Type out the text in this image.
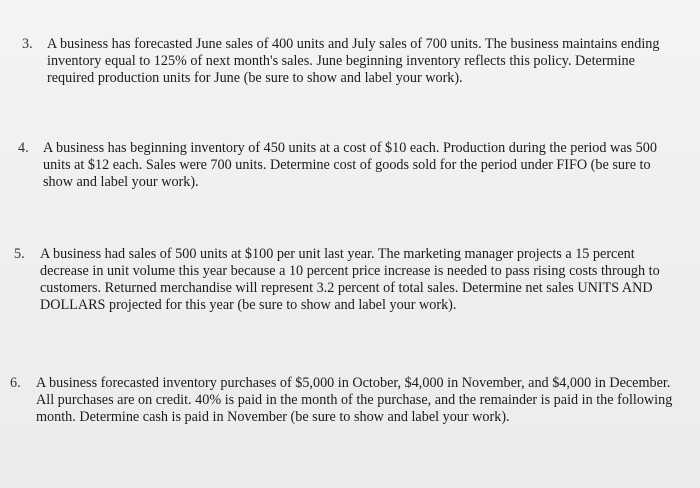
3.	A business has forecasted June sales of 400 units and July sales of 700 units. The business maintains ending inventory equal to 125% of next month's sales. June beginning inventory reflects this policy. Determine required production units for June (be sure to show and label your work).

4.	A business has beginning inventory of 450 units at a cost of $10 each. Production during the period was 500 units at $12 each. Sales were 700 units. Determine cost of goods sold for the period under FIFO (be sure to show and label your work).

5.	A business had sales of 500 units at $100 per unit last year. The marketing manager projects a 15 percent decrease in unit volume this year because a 10 percent price increase is needed to pass rising costs through to customers. Returned merchandise will represent 3.2 percent of total sales. Determine net sales UNITS AND DOLLARS projected for this year (be sure to show and label your work).

6.	A business forecasted inventory purchases of $5,000 in October, $4,000 in November, and $4,000 in December. All purchases are on credit. 40% is paid in the month of the purchase, and the remainder is paid in the following month. Determine cash is paid in November (be sure to show and label your work).
